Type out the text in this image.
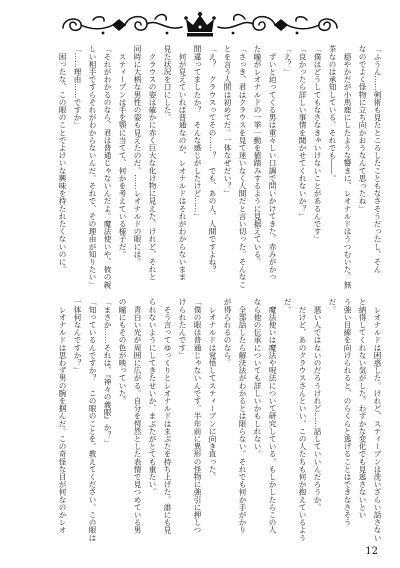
「ふうん……剣術も見たところしたこともなさそうだったし、そん
なのでよく怪物に立ち向かおうなんて思ったね」
　穏やかだが小馬鹿にしたような響きに、レオナルドはうつむいた。無
茶なのは承知している。それでも――。
「僕はどうしてもなさなきゃいけないことがあるんです」
「良かったら詳しい事情を聞かせてくれないか？」
「え？」
　ずいと迫ってくる男は重々しい口調で問いかけてきた。赤みがかっ
た瞳がレオナルドの一挙一動を値踏みするように見据えている。
「さっき、君はクラウスを見て迷いなく人間だと言い切った。そんなこ
とを言う人間は初めてだ。一体なぜだい？」
「え？　クラウスってその……？　でも、あの人、人間ですよね？
間違ってましたか？　そんな感じがしたけど……」
　何が見えていれば普通なのか、レオナルドはそれがわからないまま
見た状況を口にした。
　クラウスの姿は確かに赤く巨大な化け物に見えた。けれど、それと
同時に大柄な男性の姿も見えたのだ。……レオナルドの眼には。
　スティーブンは手を顎に当てて、何かを考えている様子だ。
「それがわかるのなら、君は普通じゃないんだよ。魔法使いや、彼の親
しい相手ですらそれがわからないんだ。それで、その理由が知りたい」
「……理由……ですか」
　困ったな、この眼のことでよけいな興味を持たれたくないのに。
　レオナルドは困惑した。けれど、スティーブンは洗いざらい話さない
と納得してくれない気がした。わずかな変化でも見逃さないとい
う強い目線を向けられると、のらくらと逃げることはできなさそう
だ。
　悪い人ではないのだろうけれど……話していいんだろうか。
　だけど、あのクラウスさんといい、この人たちも何か抱えているよう
だ。
　魔法使いは魔法や呪法について研究している。もしかしたらこの人
なら他の伝承についても詳しいかもしれない。
　全部話したら解決法がわかるとは限らない。それでも何か手がかり
が得られるのなら。
　レオナルドは覚悟してスティーブンに向き直った。
「僕の眼は普通じゃないんです。半年前に異形の怪物に強引に押しつ
けられたんです」
　そう言ってゆっくりとレオナルドはまぶたを持ち上げた。誰にも見
られないようにしてきたせいか、まぶたがとても重たい。
　青白い光が周囲に広がる。自分を愕然とした表情で見つめている男
の瞳にもその色が映っていた。
「まさか……それは、『神々の義眼』か？」
「知っているんですか？　この眼のことを。教えてください。この眼は
一体何なんですか？」
　レオナルドは思わず男の腕を掴んだ。この奇怪な目が何なのかレオ
12
